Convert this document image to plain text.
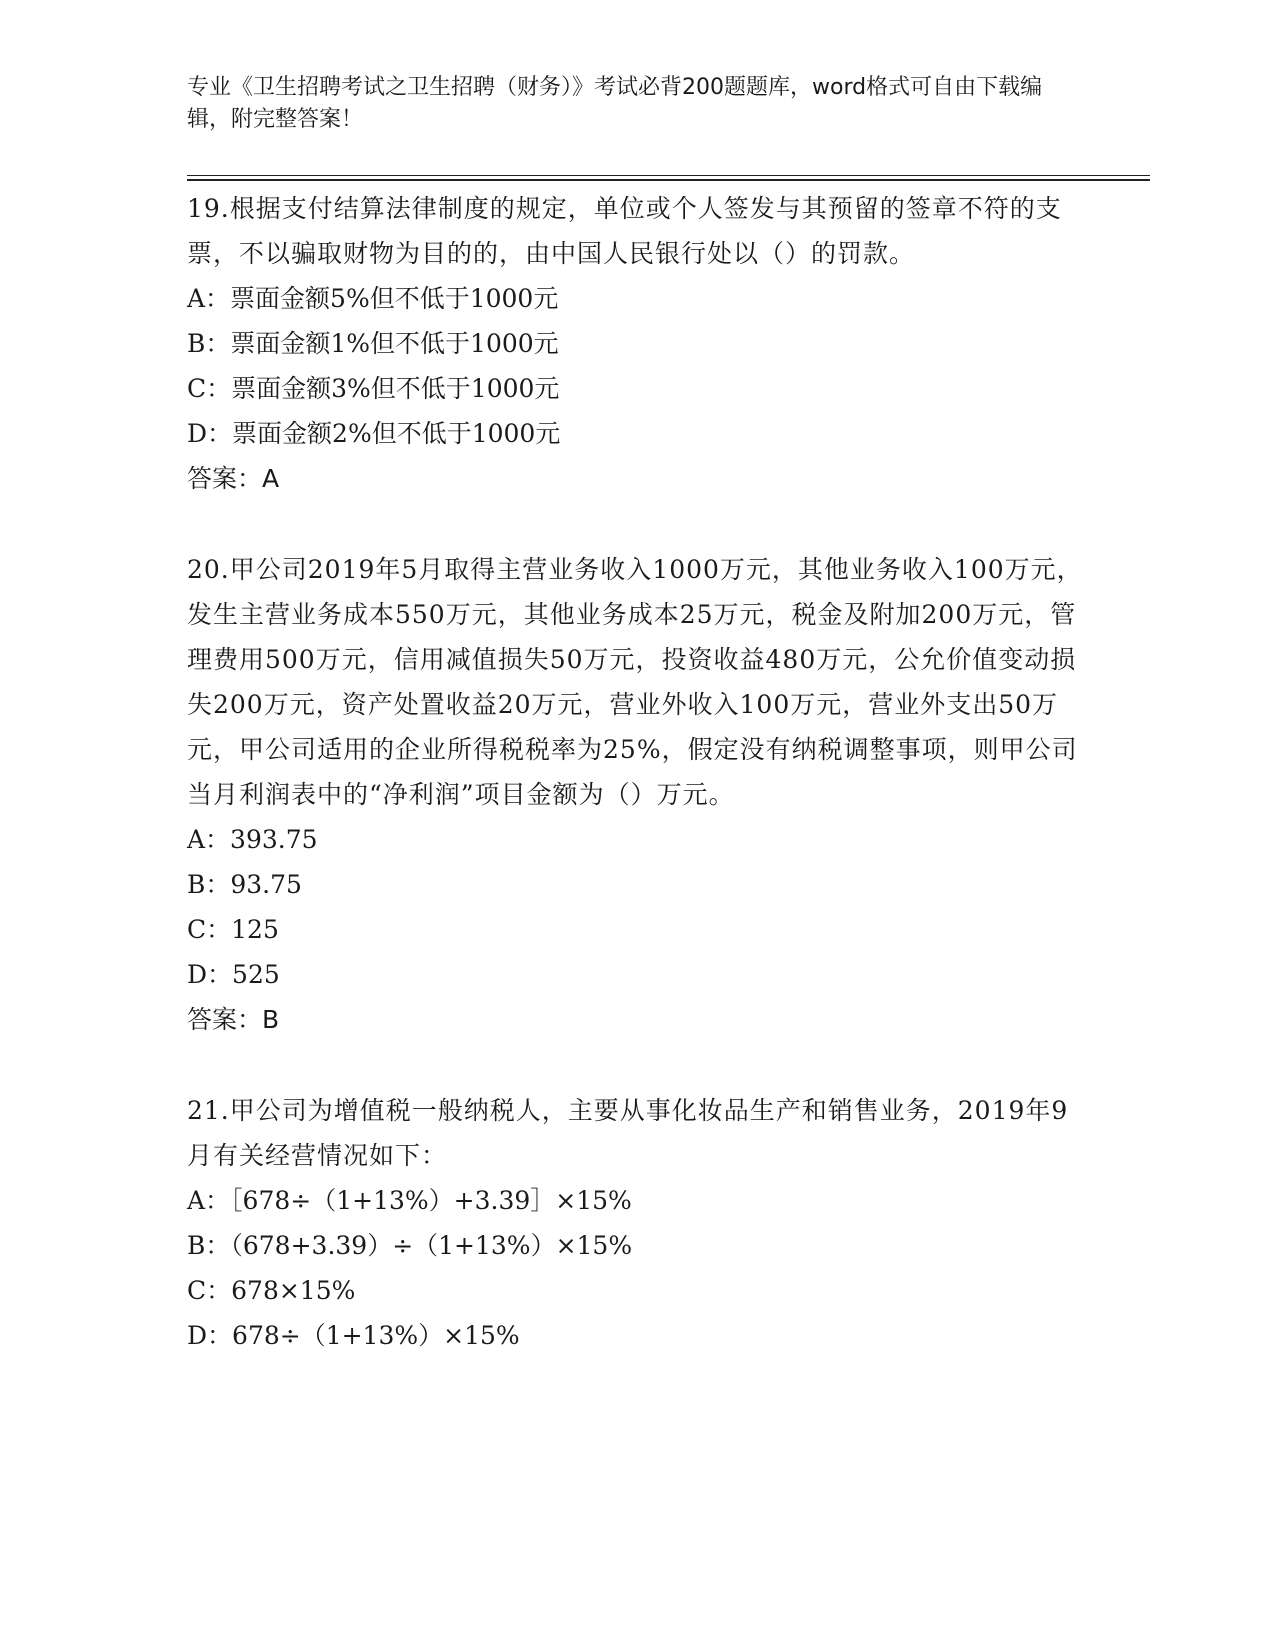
专业《卫生招聘考试之卫生招聘（财务）》考试必背200题题库，word格式可自由下载编辑，附完整答案！
19.根据支付结算法律制度的规定，单位或个人签发与其预留的签章不符的支票，不以骗取财物为目的的，由中国人民银行处以（）的罚款。
A：票面金额5%但不低于1000元
B：票面金额1%但不低于1000元
C：票面金额3%但不低于1000元
D：票面金额2%但不低于1000元
答案：A
20.甲公司2019年5月取得主营业务收入1000万元，其他业务收入100万元，发生主营业务成本550万元，其他业务成本25万元，税金及附加200万元，管理费用500万元，信用减值损失50万元，投资收益480万元，公允价值变动损失200万元，资产处置收益20万元，营业外收入100万元，营业外支出50万元，甲公司适用的企业所得税税率为25%，假定没有纳税调整事项，则甲公司当月利润表中的“净利润”项目金额为（）万元。
A：393.75
B：93.75
C：125
D：525
答案：B
21.甲公司为增值税一般纳税人，主要从事化妆品生产和销售业务，2019年9月有关经营情况如下：
A：［678÷（1+13%）+3.39］×15%
B：（678+3.39）÷（1+13%）×15%
C：678×15%
D：678÷（1+13%）×15%
